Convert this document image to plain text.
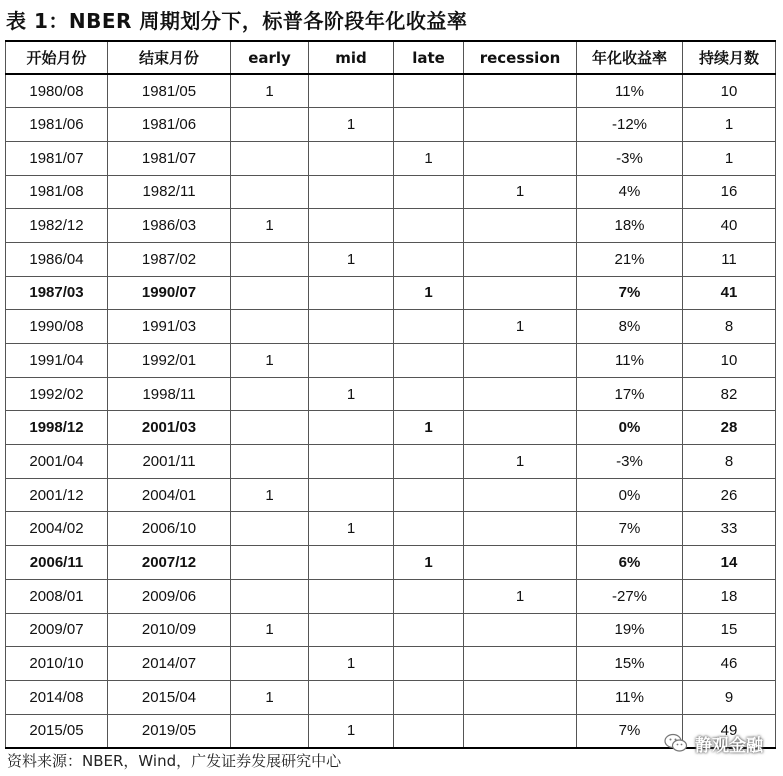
表 1：NBER 周期划分下，标普各阶段年化收益率
开始月份	结束月份	early	mid	late	recession	年化收益率	持续月数
1980/08	1981/05	1				11%	10
1981/06	1981/06		1			-12%	1
1981/07	1981/07			1		-3%	1
1981/08	1982/11				1	4%	16
1982/12	1986/03	1				18%	40
1986/04	1987/02		1			21%	11
1987/03	1990/07			1		7%	41
1990/08	1991/03				1	8%	8
1991/04	1992/01	1				11%	10
1992/02	1998/11		1			17%	82
1998/12	2001/03			1		0%	28
2001/04	2001/11				1	-3%	8
2001/12	2004/01	1				0%	26
2004/02	2006/10		1			7%	33
2006/11	2007/12			1		6%	14
2008/01	2009/06				1	-27%	18
2009/07	2010/09	1				19%	15
2010/10	2014/07		1			15%	46
2014/08	2015/04	1				11%	9
2015/05	2019/05		1			7%	49
资料来源：NBER，Wind，广发证券发展研究中心
静观金融
